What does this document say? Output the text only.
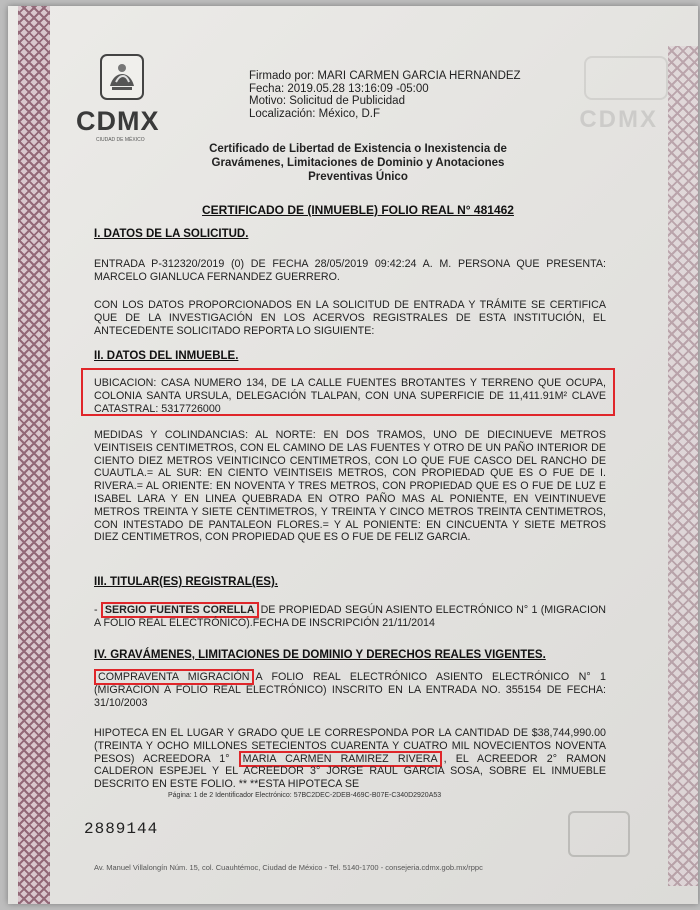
CDMX
CDMX
CIUDAD DE MÉXICO
Firmado por: MARI CARMEN GARCIA HERNANDEZ
Fecha: 2019.05.28 13:16:09 -05:00
Motivo: Solicitud de Publicidad
Localización: México, D.F
Certificado de Libertad de Existencia o Inexistencia de
Gravámenes, Limitaciones de Dominio y Anotaciones
Preventivas Único
CERTIFICADO DE (INMUEBLE) FOLIO REAL N° 481462
I. DATOS DE LA SOLICITUD.
ENTRADA P-312320/2019 (0) DE FECHA 28/05/2019 09:42:24 A. M. PERSONA QUE PRESENTA: MARCELO GIANLUCA FERNANDEZ GUERRERO.
CON LOS DATOS PROPORCIONADOS EN LA SOLICITUD DE ENTRADA Y TRÁMITE SE CERTIFICA QUE DE LA INVESTIGACIÓN EN LOS ACERVOS REGISTRALES DE ESTA INSTITUCIÓN, EL ANTECEDENTE SOLICITADO REPORTA LO SIGUIENTE:
II. DATOS DEL INMUEBLE.
UBICACION: CASA NUMERO 134, DE LA CALLE FUENTES BROTANTES Y TERRENO QUE OCUPA, COLONIA SANTA URSULA, DELEGACIÓN TLALPAN, CON UNA SUPERFICIE DE 11,411.91M² CLAVE CATASTRAL: 5317726000
MEDIDAS Y COLINDANCIAS: AL NORTE: EN DOS TRAMOS, UNO DE DIECINUEVE METROS VEINTISEIS CENTIMETROS, CON EL CAMINO DE LAS FUENTES Y OTRO DE UN PAÑO INTERIOR DE CIENTO DIEZ METROS VEINTICINCO CENTIMETROS, CON LO QUE FUE CASCO DEL RANCHO DE CUAUTLA.= AL SUR: EN CIENTO VEINTISEIS METROS, CON PROPIEDAD QUE ES O FUE DE I. RIVERA.= AL ORIENTE: EN NOVENTA Y TRES METROS, CON PROPIEDAD QUE ES O FUE DE LUZ E ISABEL LARA Y EN LINEA QUEBRADA EN OTRO PAÑO MAS AL PONIENTE, EN VEINTINUEVE METROS TREINTA Y SIETE CENTIMETROS, Y TREINTA Y CINCO METROS TREINTA CENTIMETROS, CON INTESTADO DE PANTALEON FLORES.= Y AL PONIENTE: EN CINCUENTA Y SIETE METROS DIEZ CENTIMETROS, CON PROPIEDAD QUE ES O FUE DE FELIZ GARCIA.
III. TITULAR(ES) REGISTRAL(ES).
- SERGIO FUENTES CORELLA DE PROPIEDAD SEGÚN ASIENTO ELECTRÓNICO N° 1 (MIGRACION A FOLIO REAL ELECTRÓNICO).FECHA DE INSCRIPCIÓN 21/11/2014
IV. GRAVÁMENES, LIMITACIONES DE DOMINIO Y DERECHOS REALES VIGENTES.
COMPRAVENTA MIGRACIÓN A FOLIO REAL ELECTRÓNICO ASIENTO ELECTRÓNICO N° 1 (MIGRACION A FOLIO REAL ELECTRÓNICO) INSCRITO EN LA ENTRADA NO. 355154 DE FECHA: 31/10/2003
HIPOTECA EN EL LUGAR Y GRADO QUE LE CORRESPONDA POR LA CANTIDAD DE $38,744,990.00 (TREINTA Y OCHO MILLONES SETECIENTOS CUARENTA Y CUATRO MIL NOVECIENTOS NOVENTA PESOS) ACREEDORA 1° MARIA CARMEN RAMIREZ RIVERA , EL ACREEDOR 2° RAMON CALDERON ESPEJEL Y EL ACREEDOR 3° JORGE RAUL GARCIA SOSA, SOBRE EL INMUEBLE DESCRITO EN ESTE FOLIO. ** **ESTA HIPOTECA SE
Página: 1 de 2 Identificador Electrónico: 57BC2DEC-2DEB-469C-B07E-C340D2920A53
2889144
Av. Manuel Villalongín Núm. 15, col. Cuauhtémoc, Ciudad de México - Tel. 5140-1700 - consejeria.cdmx.gob.mx/rppc
